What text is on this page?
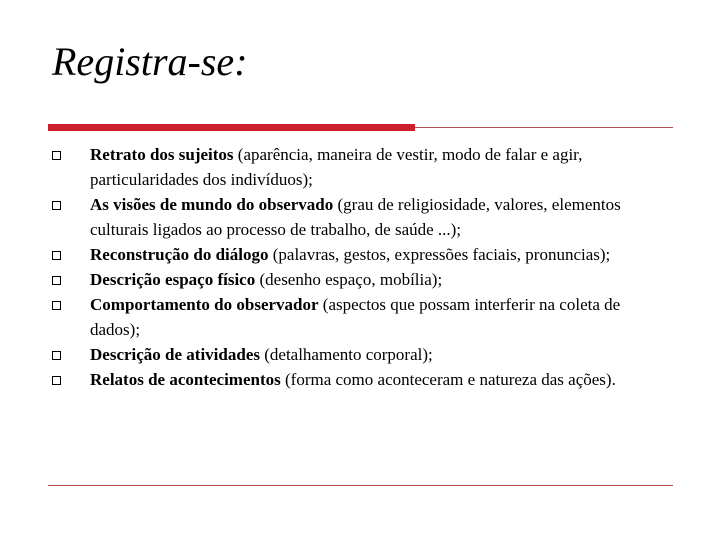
Registra-se:
Retrato dos sujeitos (aparência, maneira de vestir, modo de falar e agir, particularidades dos indivíduos);
As visões de mundo do observado (grau de religiosidade, valores, elementos culturais ligados ao processo de trabalho, de saúde ...);
Reconstrução do diálogo (palavras, gestos, expressões faciais, pronuncias);
Descrição espaço físico (desenho espaço, mobília);
Comportamento do observador (aspectos que possam interferir na coleta de dados);
Descrição de atividades (detalhamento corporal);
Relatos de acontecimentos (forma como aconteceram e natureza das ações).
